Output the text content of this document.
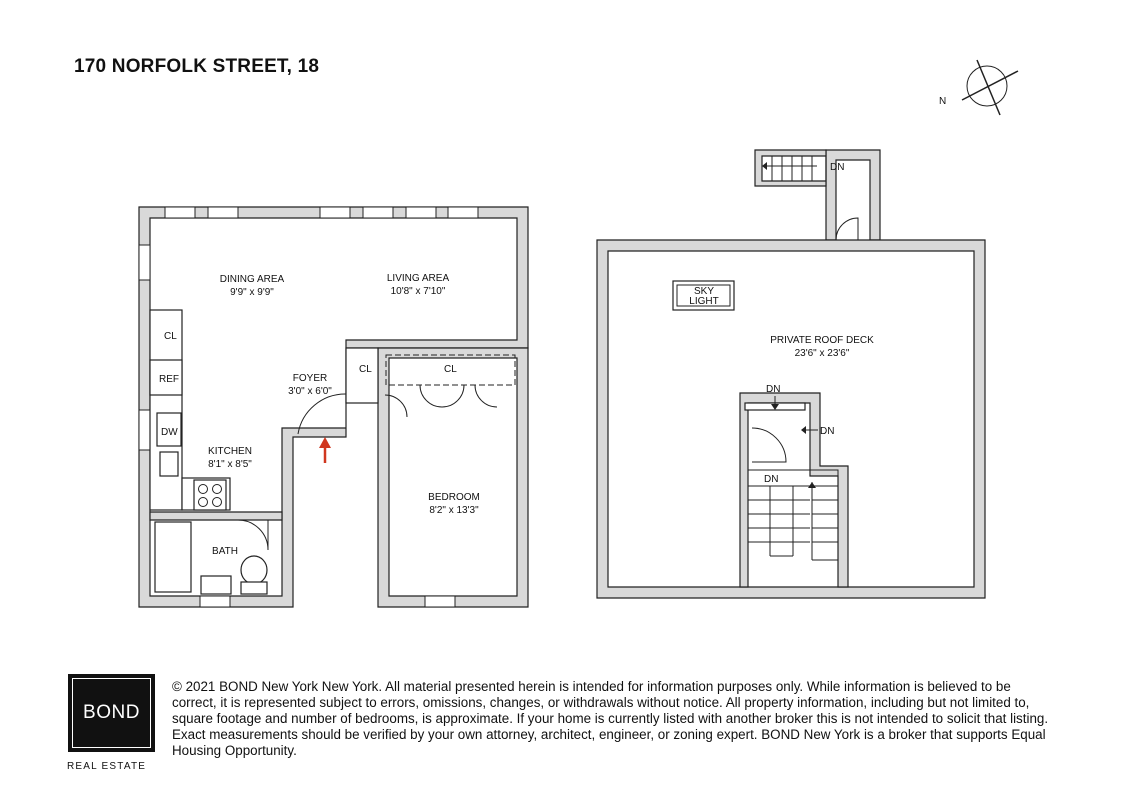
170 NORFOLK STREET, 18
N
CL
REF
DW
CL	CL
DINING AREA
9'9" x 9'9"
LIVING AREA
10'8" x 7'10"
FOYER
3'0" x 6'0"
KITCHEN
8'1" x 8'5"
BEDROOM
8'2" x 13'3"
BATH
DN
SKY
LIGHT
PRIVATE ROOF DECK
23'6" x 23'6"
DN
DN
DN
BOND
REAL ESTATE
© 2021 BOND New York New York. All material presented herein is intended for information purposes only. While information is believed to be correct, it is represented subject to errors, omissions, changes, or withdrawals without notice. All property information, including but not limited to, square footage and number of bedrooms, is approximate. If your home is currently listed with another broker this is not intended to solicit that listing. Exact measurements should be verified by your own attorney, architect, engineer, or zoning expert. BOND New York is a broker that supports Equal Housing Opportunity.
